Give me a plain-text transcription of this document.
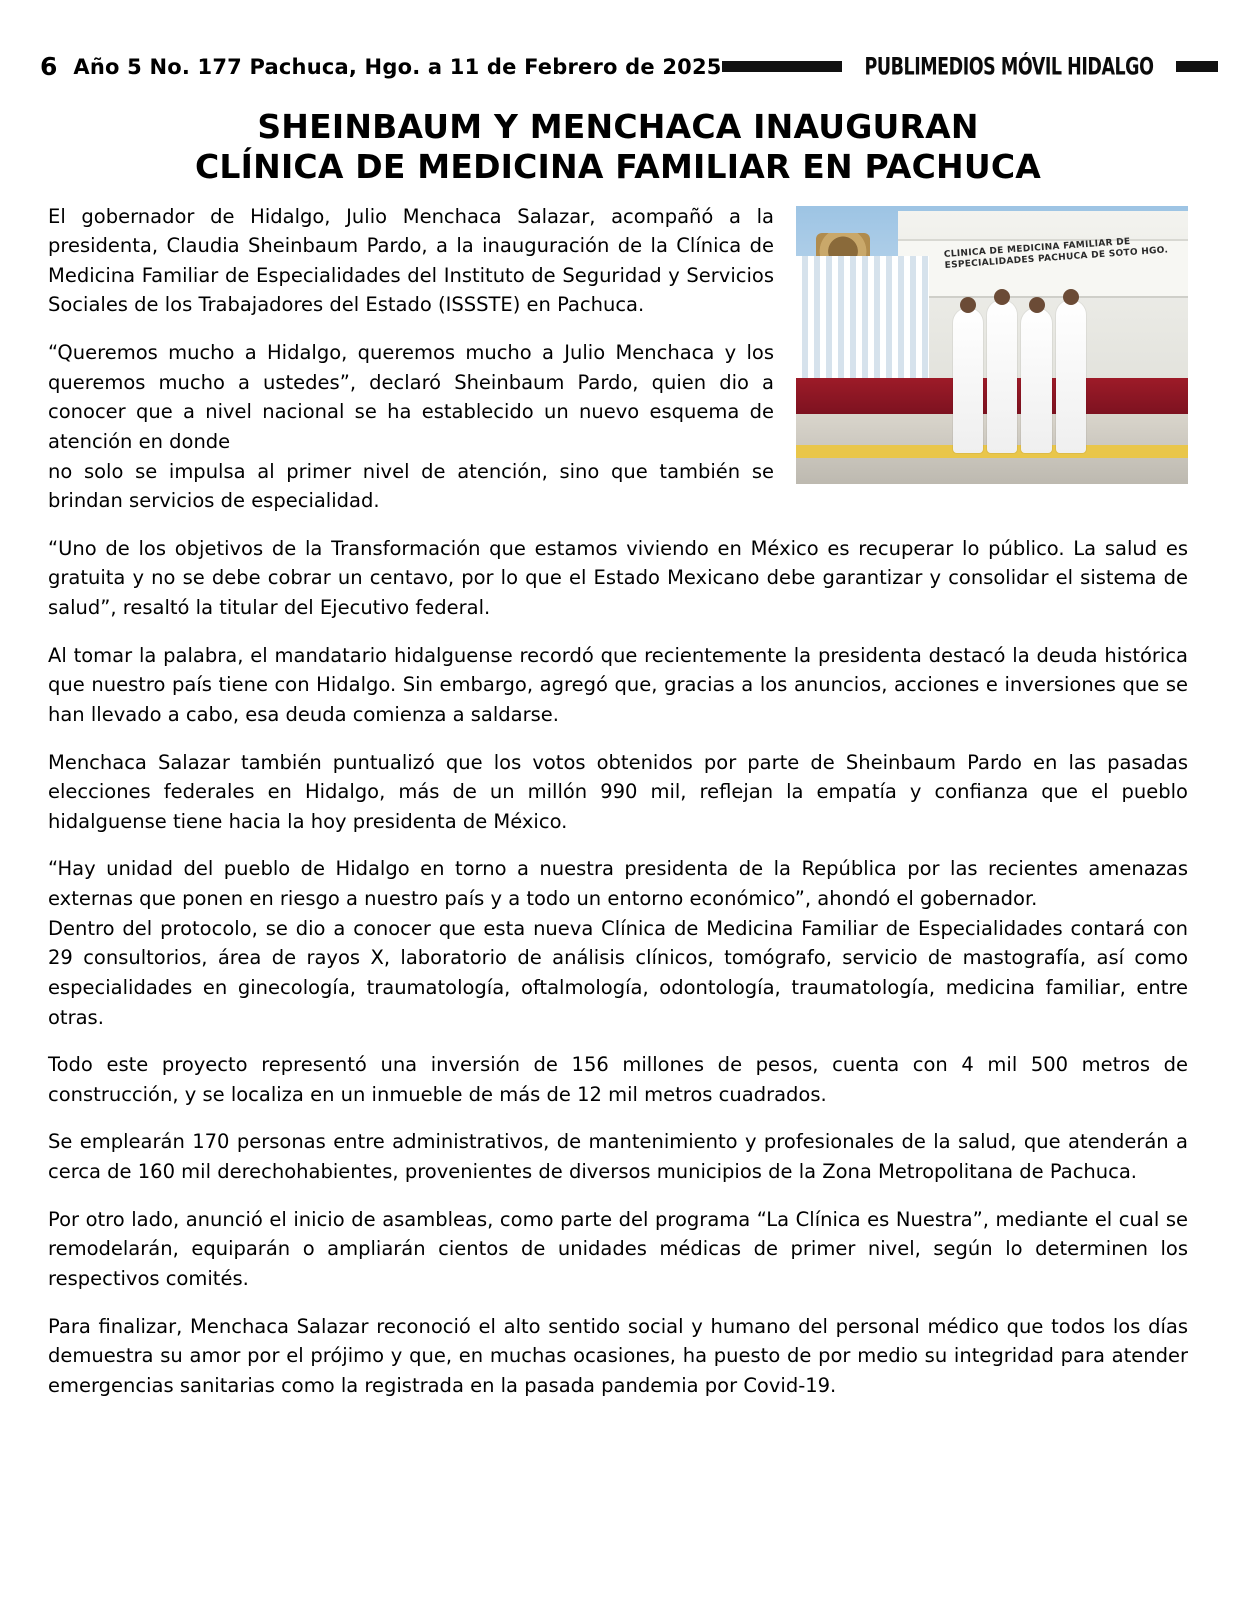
6 Año 5 No. 177 Pachuca, Hgo. a 11 de Febrero de 2025	PUBLIMEDIOS MÓVIL HIDALGO
SHEINBAUM Y MENCHACA INAUGURAN
CLÍNICA DE MEDICINA FAMILIAR EN PACHUCA
CLÍNICA DE MEDICINA FAMILIAR DE ESPECIALIDADES PACHUCA DE SOTO HGO.

El gobernador de Hidalgo, Julio Menchaca Salazar, acompañó a la presidenta, Claudia Sheinbaum Pardo, a la inauguración de la Clínica de Medicina Familiar de Especialidades del Instituto de Seguridad y Servicios Sociales de los Trabajadores del Estado (ISSSTE) en Pachuca.

“Queremos mucho a Hidalgo, queremos mucho a Julio Menchaca y los queremos mucho a ustedes”, declaró Sheinbaum Pardo, quien dio a conocer que a nivel nacional se ha establecido un nuevo esquema de atención en donde

no solo se impulsa al primer nivel de atención, sino que también se brindan servicios de especialidad.

“Uno de los objetivos de la Transformación que estamos viviendo en México es recuperar lo público. La salud es gratuita y no se debe cobrar un centavo, por lo que el Estado Mexicano debe garantizar y consolidar el sistema de salud”, resaltó la titular del Ejecutivo federal.

Al tomar la palabra, el mandatario hidalguense recordó que recientemente la presidenta destacó la deuda histórica que nuestro país tiene con Hidalgo. Sin embargo, agregó que, gracias a los anuncios, acciones e inversiones que se han llevado a cabo, esa deuda comienza a saldarse.

Menchaca Salazar también puntualizó que los votos obtenidos por parte de Sheinbaum Pardo en las pasadas elecciones federales en Hidalgo, más de un millón 990 mil, reflejan la empatía y confianza que el pueblo hidalguense tiene hacia la hoy presidenta de México.

“Hay unidad del pueblo de Hidalgo en torno a nuestra presidenta de la República por las recientes amenazas externas que ponen en riesgo a nuestro país y a todo un entorno económico”, ahondó el gobernador.

Dentro del protocolo, se dio a conocer que esta nueva Clínica de Medicina Familiar de Especialidades contará con 29 consultorios, área de rayos X, laboratorio de análisis clínicos, tomógrafo, servicio de mastografía, así como especialidades en ginecología, traumatología, oftalmología, odontología, traumatología, medicina familiar, entre otras.

Todo este proyecto representó una inversión de 156 millones de pesos, cuenta con 4 mil 500 metros de construcción, y se localiza en un inmueble de más de 12 mil metros cuadrados.

Se emplearán 170 personas entre administrativos, de mantenimiento y profesionales de la salud, que atenderán a cerca de 160 mil derechohabientes, provenientes de diversos municipios de la Zona Metropolitana de Pachuca.

Por otro lado, anunció el inicio de asambleas, como parte del programa “La Clínica es Nuestra”, mediante el cual se remodelarán, equiparán o ampliarán cientos de unidades médicas de primer nivel, según lo determinen los respectivos comités.

Para finalizar, Menchaca Salazar reconoció el alto sentido social y humano del personal médico que todos los días demuestra su amor por el prójimo y que, en muchas ocasiones, ha puesto de por medio su integridad para atender emergencias sanitarias como la registrada en la pasada pandemia por Covid-19.
